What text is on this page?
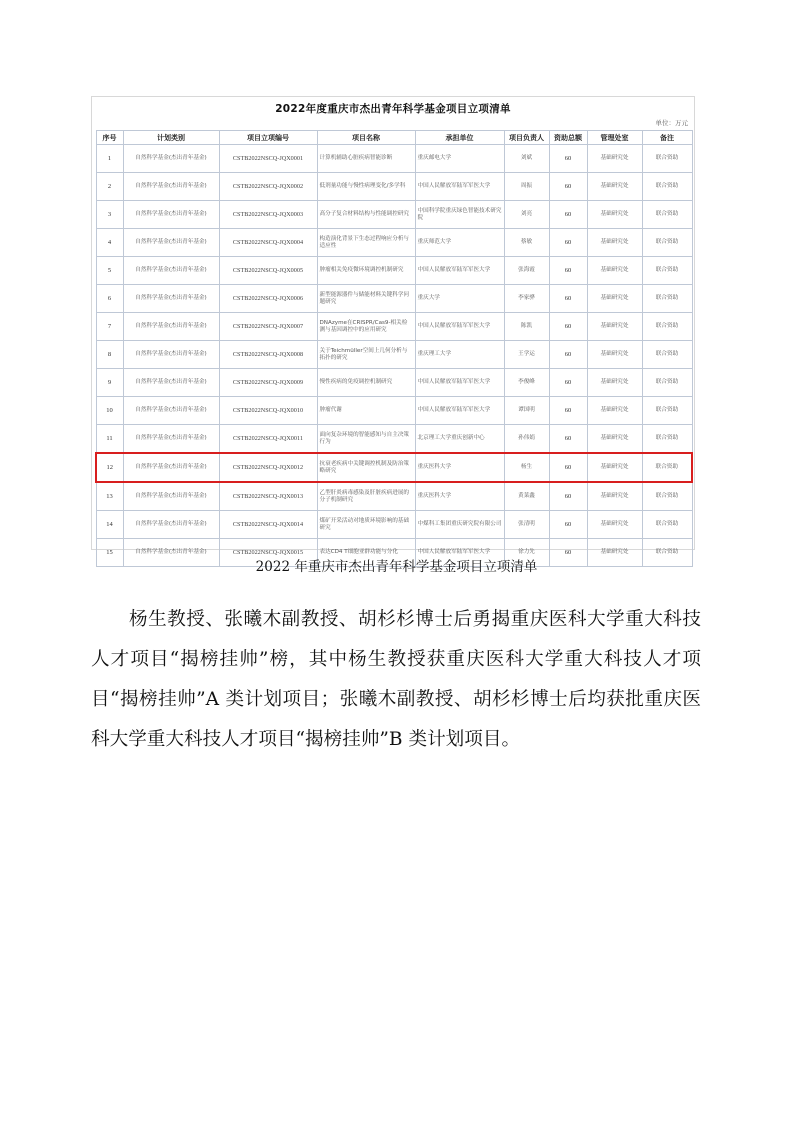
2022年度重庆市杰出青年科学基金项目立项清单
单位：万元
序号	计划类别	项目立项编号	项目名称	承担单位	项目负责人	资助总额	管理处室	备注
1	自然科学基金(杰出青年基金)	CSTB2022NSCQ-JQX0001	计算机辅助心脏疾病智能诊断	重庆邮电大学	刘斌	60	基础研究处	联合资助
2	自然科学基金(杰出青年基金)	CSTB2022NSCQ-JQX0002	低剂量功能与慢性病理变化/多学科	中国人民解放军陆军军医大学	周振	60	基础研究处	联合资助
3	自然科学基金(杰出青年基金)	CSTB2022NSCQ-JQX0003	高分子复合材料结构与性能调控研究	中国科学院重庆绿色智能技术研究院	刘亮	60	基础研究处	联合资助
4	自然科学基金(杰出青年基金)	CSTB2022NSCQ-JQX0004	构造演化背景下生态过程响应分析与适应性	重庆师范大学	蔡敏	60	基础研究处	联合资助
5	自然科学基金(杰出青年基金)	CSTB2022NSCQ-JQX0005	肿瘤相关免疫微环境调控机制研究	中国人民解放军陆军军医大学	张海霞	60	基础研究处	联合资助
6	自然科学基金(杰出青年基金)	CSTB2022NSCQ-JQX0006	新型能源器件与储能材料关键科学问题研究	重庆大学	李家骅	60	基础研究处	联合资助
7	自然科学基金(杰出青年基金)	CSTB2022NSCQ-JQX0007	DNAzyme在CRISPR/Cas9-相关检测与基因调控中的应用研究	中国人民解放军陆军军医大学	陈凯	60	基础研究处	联合资助
8	自然科学基金(杰出青年基金)	CSTB2022NSCQ-JQX0008	关于Teichmüller空间上几何分析与拓扑的研究	重庆理工大学	王学运	60	基础研究处	联合资助
9	自然科学基金(杰出青年基金)	CSTB2022NSCQ-JQX0009	慢性疾病的免疫调控机制研究	中国人民解放军陆军军医大学	李俊峰	60	基础研究处	联合资助
10	自然科学基金(杰出青年基金)	CSTB2022NSCQ-JQX0010	肿瘤代谢	中国人民解放军陆军军医大学	谭国明	60	基础研究处	联合资助
11	自然科学基金(杰出青年基金)	CSTB2022NSCQ-JQX0011	面向复杂环境的智能感知与自主决策行为	北京理工大学重庆创新中心	孙伟娟	60	基础研究处	联合资助
12	自然科学基金(杰出青年基金)	CSTB2022NSCQ-JQX0012	抗衰老疾病中关键调控机制及防治策略研究	重庆医科大学	杨生	60	基础研究处	联合资助
13	自然科学基金(杰出青年基金)	CSTB2022NSCQ-JQX0013	乙型肝炎病毒感染及肝脏疾病进展的分子机制研究	重庆医科大学	黄菜鑫	60	基础研究处	联合资助
14	自然科学基金(杰出青年基金)	CSTB2022NSCQ-JQX0014	煤矿开采活动对地质环境影响的基础研究	中煤科工集团重庆研究院有限公司	张清明	60	基础研究处	联合资助
15	自然科学基金(杰出青年基金)	CSTB2022NSCQ-JQX0015	表达CD4 T细胞亚群功能与分化	中国人民解放军陆军军医大学	徐力先	60	基础研究处	联合资助
2022 年重庆市杰出青年科学基金项目立项清单

杨生教授、张曦木副教授、胡杉杉博士后勇揭重庆医科大学重大科技人才项目“揭榜挂帅”榜，其中杨生教授获重庆医科大学重大科技人才项目“揭榜挂帅”A 类计划项目；张曦木副教授、胡杉杉博士后均获批重庆医科大学重大科技人才项目“揭榜挂帅”B 类计划项目。
